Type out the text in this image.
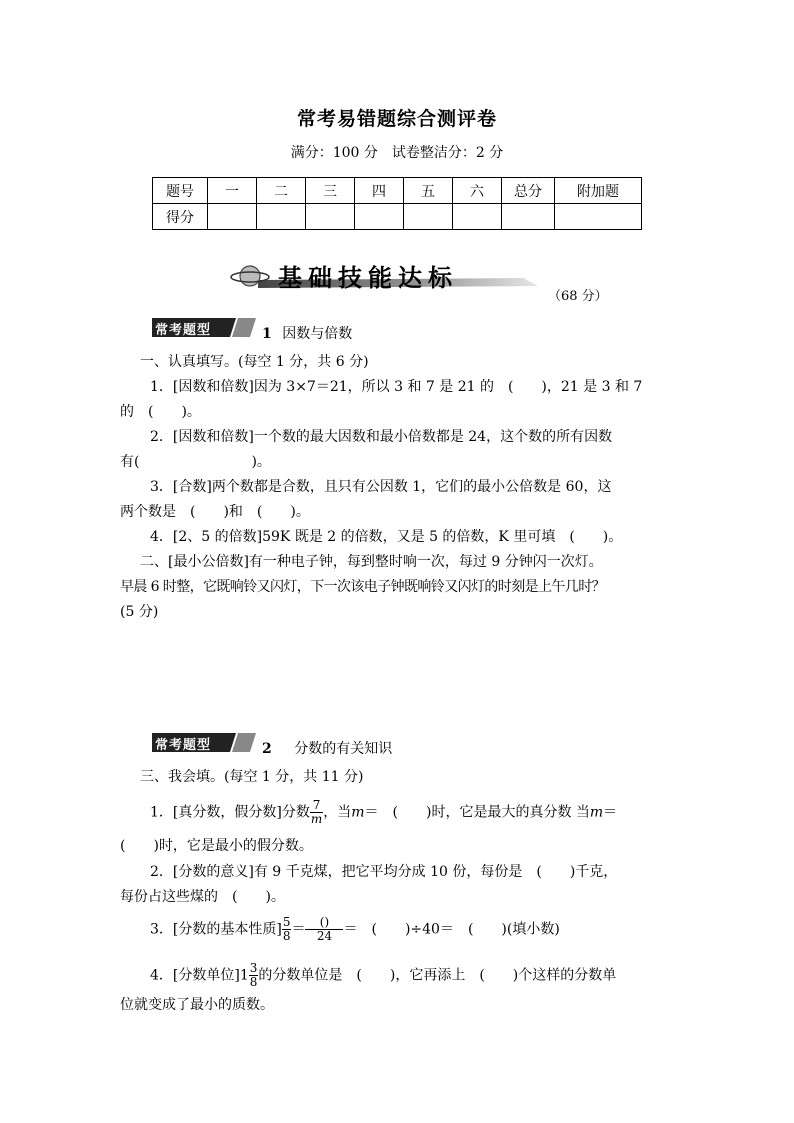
常考易错题综合测评卷
满分：100 分　试卷整洁分：2 分
题号	一	二	三	四	五	六	总分	附加题
得分								
基础技能达标
（68 分）
常考题型	1 因数与倍数
一、认真填写。(每空 1 分，共 6 分)
1．[因数和倍数]因为 3×7＝21，所以 3 和 7 是 21 的　(　　)，21 是 3 和 7
的　(　　)。
2．[因数和倍数]一个数的最大因数和最小倍数都是 24，这个数的所有因数
有(　　　　　　　　)。
3．[合数]两个数都是合数，且只有公因数 1，它们的最小公倍数是 60，这
两个数是　(　　)和　(　　)。
4．[2、5 的倍数]59K 既是 2 的倍数，又是 5 的倍数，K 里可填　(　　)。
二、[最小公倍数]有一种电子钟，每到整时响一次，每过 9 分钟闪一次灯。
早晨 6 时整，它既响铃又闪灯，下一次该电子钟既响铃又闪灯的时刻是上午几时？
(5 分)
常考题型	2 分数的有关知识
三、我会填。(每空 1 分，共 11 分)
1．[真分数，假分数]分数 $\frac{7}{m}$ ，当m＝　(　　)时，它是最大的真分数 当m＝
(　　)时，它是最小的假分数。
2．[分数的意义]有 9 千克煤，把它平均分成 10 份，每份是　(　　)千克，
每份占这些煤的　(　　)。
3．[分数的基本性质] $\frac{5}{8} = \frac{()}{24}$ ＝　(　　)÷40＝　(　　)(填小数)
4．[分数单位]$1 \frac{3}{8}$ 的分数单位是　(　　)，它再添上　(　　)个这样的分数单
位就变成了最小的质数。
